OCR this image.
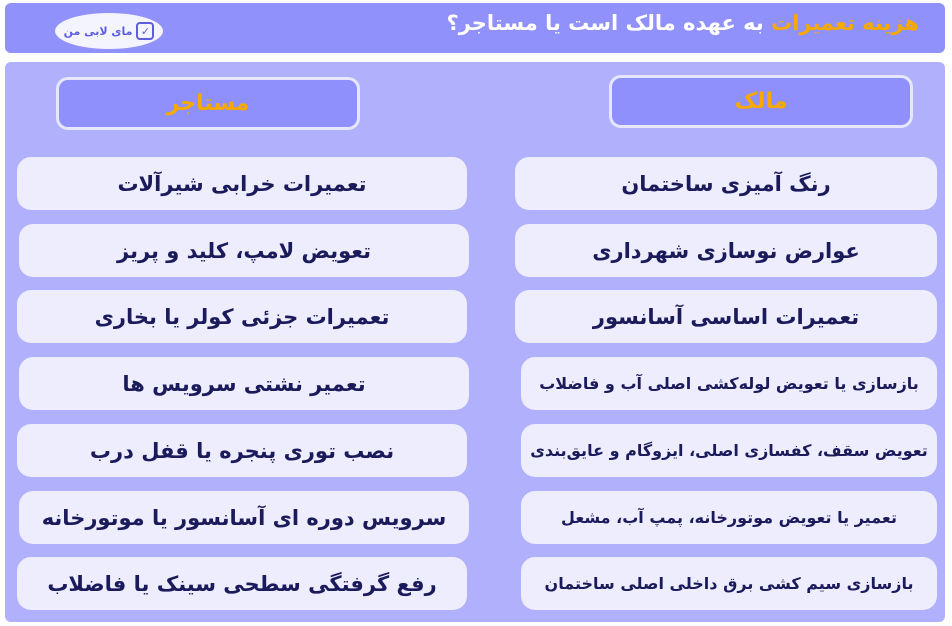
✓
مای لابی من	هزینه تعمیرات به عهده مالک است یا مستاجر؟
مستاجر	مالک
تعمیرات خرابی شیرآلات
تعویض لامپ، کلید و پریز
تعمیرات جزئی کولر یا بخاری
تعمیر نشتی سرویس ها
نصب توری پنجره یا قفل درب
سرویس دوره ای آسانسور یا موتورخانه
رفع گرفتگی سطحی سینک یا فاضلاب
رنگ آمیزی ساختمان
عوارض نوسازی شهرداری
تعمیرات اساسی آسانسور
بازسازی یا تعویض لوله‌کشی اصلی آب و فاضلاب
تعویض سقف، کفسازی اصلی، ایزوگام و عایق‌بندی
تعمیر یا تعویض موتورخانه، پمپ آب، مشعل
بازسازی سیم کشی برق داخلی اصلی ساختمان
